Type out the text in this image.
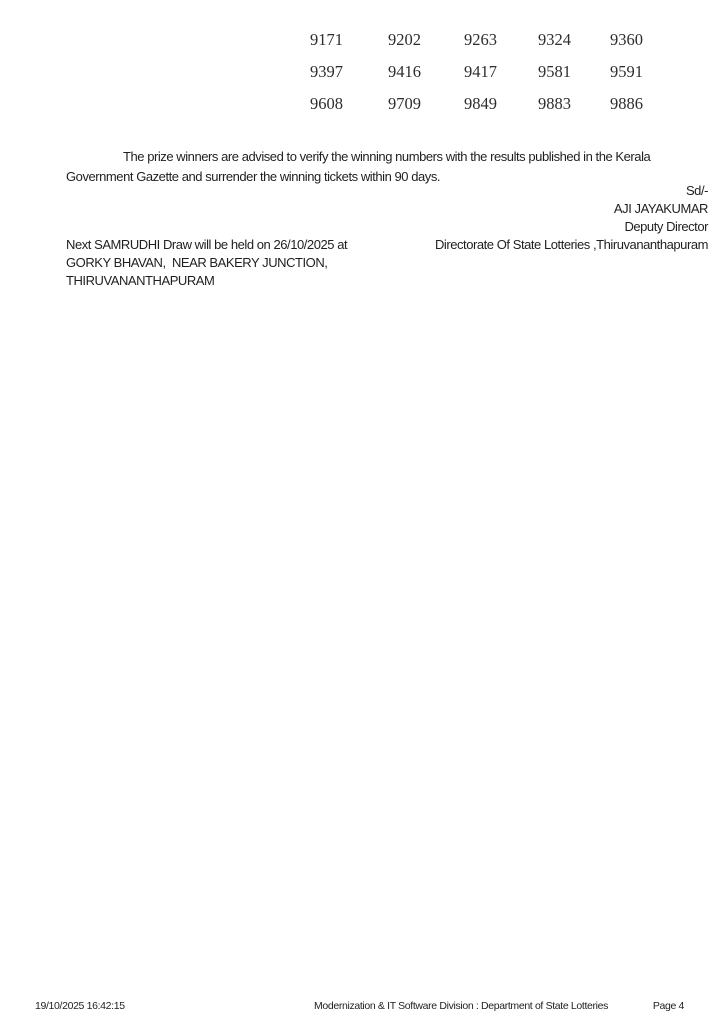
9171	9202	9263	9324	9360
9397	9416	9417	9581	9591
9608	9709	9849	9883	9886
The prize winners are advised to verify the winning numbers with the results published in the Kerala
Government Gazette and surrender the winning tickets within 90 days.
Sd/-
AJI JAYAKUMAR
Deputy Director
Directorate Of State Lotteries ,Thiruvananthapuram
Next SAMRUDHI Draw will be held on 26/10/2025 at
GORKY BHAVAN,  NEAR BAKERY JUNCTION,
THIRUVANANTHAPURAM
19/10/2025 16:42:15	Modernization & IT Software Division : Department of State Lotteries	Page 4
